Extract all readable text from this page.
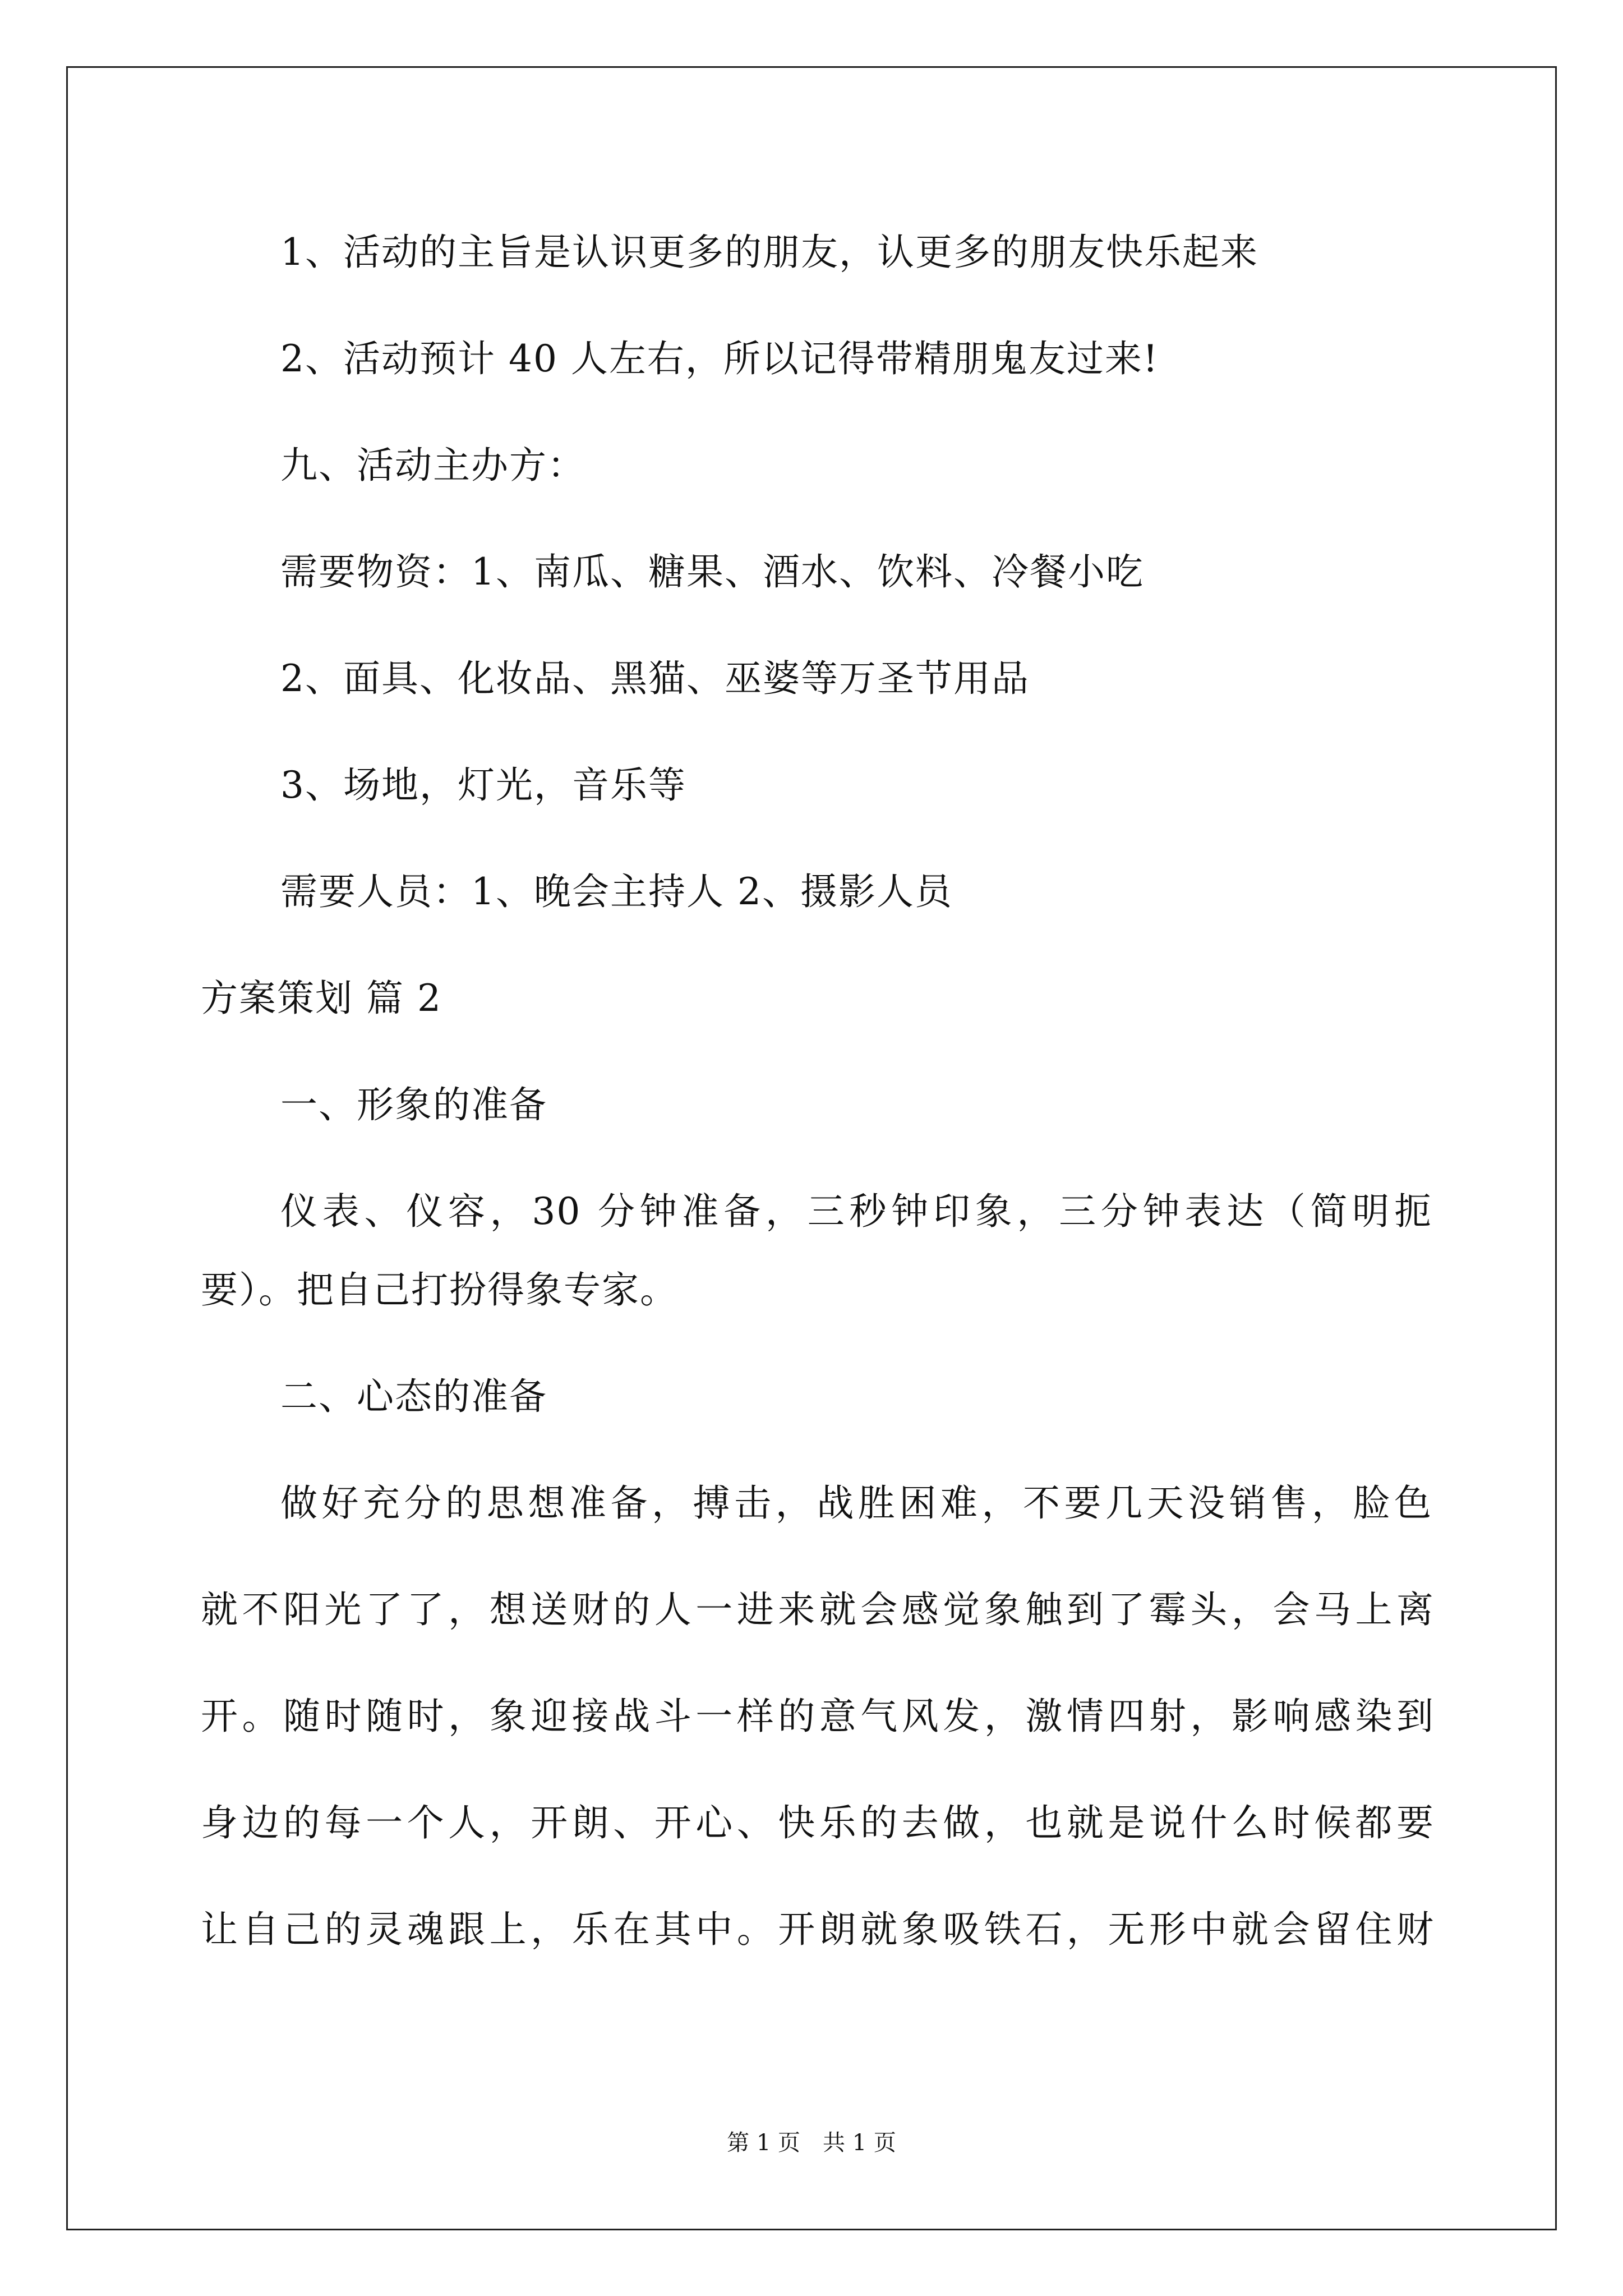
1、活动的主旨是认识更多的朋友，认更多的朋友快乐起来
2、活动预计 40 人左右，所以记得带精朋鬼友过来!
九、活动主办方：
需要物资：1、南瓜、糖果、酒水、饮料、冷餐小吃
2、面具、化妆品、黑猫、巫婆等万圣节用品
3、场地，灯光，音乐等
需要人员：1、晚会主持人 2、摄影人员
方案策划 篇 2
一、形象的准备
仪表、仪容，30 分钟准备，三秒钟印象，三分钟表达（简明扼
要）。把自己打扮得象专家。
二、心态的准备
做好充分的思想准备，搏击，战胜困难，不要几天没销售，脸色
就不阳光了了，想送财的人一进来就会感觉象触到了霉头，会马上离
开。随时随时，象迎接战斗一样的意气风发，激情四射，影响感染到
身边的每一个人，开朗、开心、快乐的去做，也就是说什么时候都要
让自己的灵魂跟上，乐在其中。开朗就象吸铁石，无形中就会留住财
第 1 页　共 1 页
